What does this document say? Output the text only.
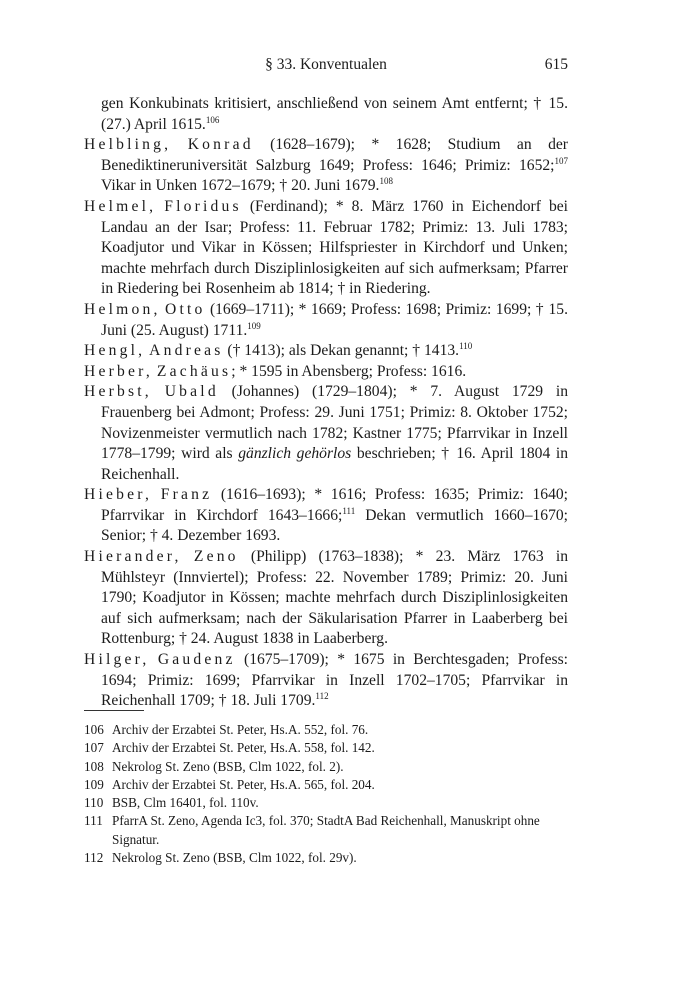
§ 33. Konventualen	615

gen Konkubinats kritisiert, anschließend von seinem Amt entfernt; † 15. (27.) April 1615.$^{106}$

Helbling, Konrad (1628–1679); * 1628; Studium an der Benediktineruniversität Salzburg 1649; Profess: 1646; Primiz: 1652;$^{107}$ Vikar in Unken 1672–1679; † 20. Juni 1679.$^{108}$

Helmel, Floridus (Ferdinand); * 8. März 1760 in Eichendorf bei Landau an der Isar; Profess: 11. Februar 1782; Primiz: 13. Juli 1783; Koadjutor und Vikar in Kössen; Hilfspriester in Kirchdorf und Unken; machte mehrfach durch Disziplinlosigkeiten auf sich aufmerksam; Pfarrer in Riedering bei Rosenheim ab 1814; † in Riedering.

Helmon, Otto (1669–1711); * 1669; Profess: 1698; Primiz: 1699; † 15. Juni (25. August) 1711.$^{109}$

Hengl, Andreas († 1413); als Dekan genannt; † 1413.$^{110}$

Herber, Zachäus; * 1595 in Abensberg; Profess: 1616.

Herbst, Ubald (Johannes) (1729–1804); * 7. August 1729 in Frauenberg bei Admont; Profess: 29. Juni 1751; Primiz: 8. Oktober 1752; Novizenmeister vermutlich nach 1782; Kastner 1775; Pfarrvikar in Inzell 1778–1799; wird als gänzlich gehörlos beschrieben; † 16. April 1804 in Reichenhall.

Hieber, Franz (1616–1693); * 1616; Profess: 1635; Primiz: 1640; Pfarrvikar in Kirchdorf 1643–1666;$^{111}$ Dekan vermutlich 1660–1670; Senior; † 4. Dezember 1693.

Hierander, Zeno (Philipp) (1763–1838); * 23. März 1763 in Mühlsteyr (Innviertel); Profess: 22. November 1789; Primiz: 20. Juni 1790; Koadjutor in Kössen; machte mehrfach durch Disziplinlosigkeiten auf sich aufmerksam; nach der Säkularisation Pfarrer in Laaberberg bei Rottenburg; † 24. August 1838 in Laaberberg.

Hilger, Gaudenz (1675–1709); * 1675 in Berchtesgaden; Profess: 1694; Primiz: 1699; Pfarrvikar in Inzell 1702–1705; Pfarrvikar in Reichenhall 1709; † 18. Juli 1709.$^{112}$

106 Archiv der Erzabtei St. Peter, Hs.A. 552, fol. 76.
107 Archiv der Erzabtei St. Peter, Hs.A. 558, fol. 142.
108 Nekrolog St. Zeno (BSB, Clm 1022, fol. 2).
109 Archiv der Erzabtei St. Peter, Hs.A. 565, fol. 204.
110 BSB, Clm 16401, fol. 110v.
111 PfarrA St. Zeno, Agenda Ic3, fol. 370; StadtA Bad Reichenhall, Manuskript ohne Signatur.
112 Nekrolog St. Zeno (BSB, Clm 1022, fol. 29v).
